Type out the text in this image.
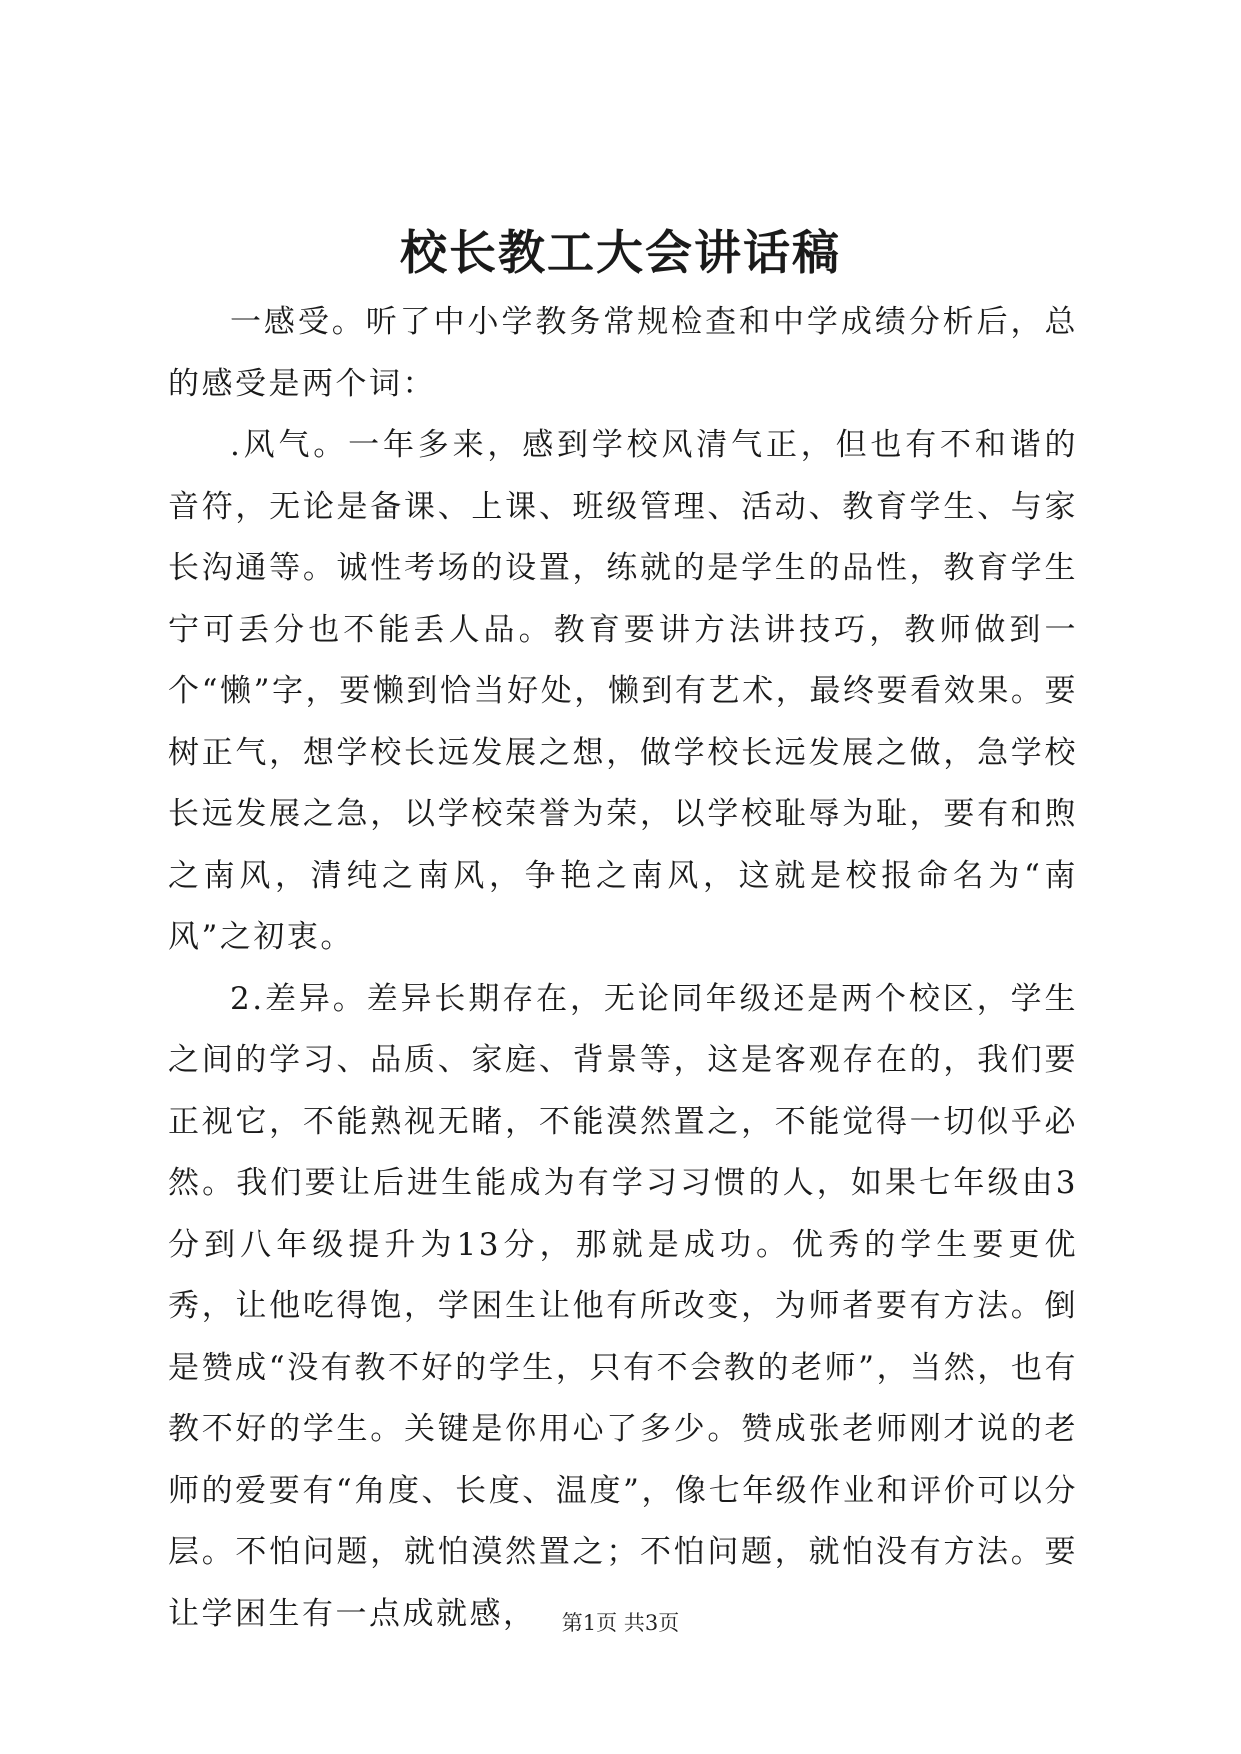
校长教工大会讲话稿

一感受。听了中小学教务常规检查和中学成绩分析后，总的感受是两个词：

.风气。一年多来，感到学校风清气正，但也有不和谐的音符，无论是备课、上课、班级管理、活动、教育学生、与家长沟通等。诚性考场的设置，练就的是学生的品性，教育学生宁可丢分也不能丢人品。教育要讲方法讲技巧，教师做到一个“懒”字，要懒到恰当好处，懒到有艺术，最终要看效果。要树正气，想学校长远发展之想，做学校长远发展之做，急学校长远发展之急，以学校荣誉为荣，以学校耻辱为耻，要有和煦之南风，清纯之南风，争艳之南风，这就是校报命名为“南风”之初衷。

2.差异。差异长期存在，无论同年级还是两个校区，学生之间的学习、品质、家庭、背景等，这是客观存在的，我们要正视它，不能熟视无睹，不能漠然置之，不能觉得一切似乎必然。我们要让后进生能成为有学习习惯的人，如果七年级由3分到八年级提升为13分，那就是成功。优秀的学生要更优秀，让他吃得饱，学困生让他有所改变，为师者要有方法。倒是赞成“没有教不好的学生，只有不会教的老师”，当然，也有教不好的学生。关键是你用心了多少。赞成张老师刚才说的老师的爱要有“角度、长度、温度”，像七年级作业和评价可以分层。不怕问题，就怕漠然置之；不怕问题，就怕没有方法。要让学困生有一点成就感，	第1页 共3页
